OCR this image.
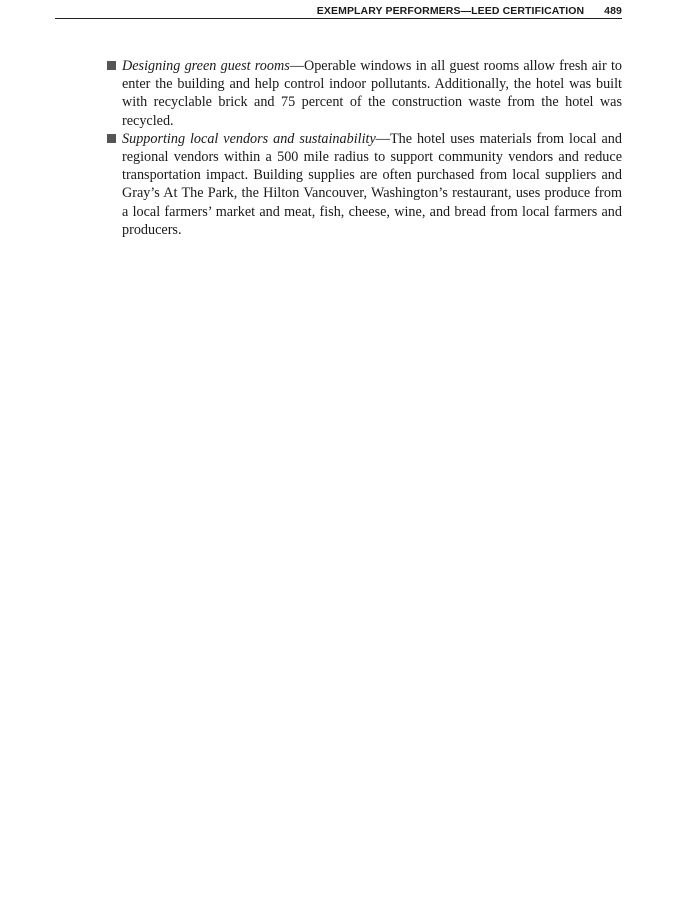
EXEMPLARY PERFORMERS—LEED CERTIFICATION 489

Designing green guest rooms—Operable windows in all guest rooms allow fresh air to enter the building and help control indoor pollutants. Additionally, the hotel was built with recyclable brick and 75 percent of the construction waste from the hotel was recycled.

Supporting local vendors and sustainability—The hotel uses materials from local and regional vendors within a 500 mile radius to support community vendors and reduce transportation impact. Building supplies are often purchased from local suppliers and Gray’s At The Park, the Hilton Vancouver, Washington’s restaurant, uses produce from a local farmers’ market and meat, fish, cheese, wine, and bread from local farmers and producers.
